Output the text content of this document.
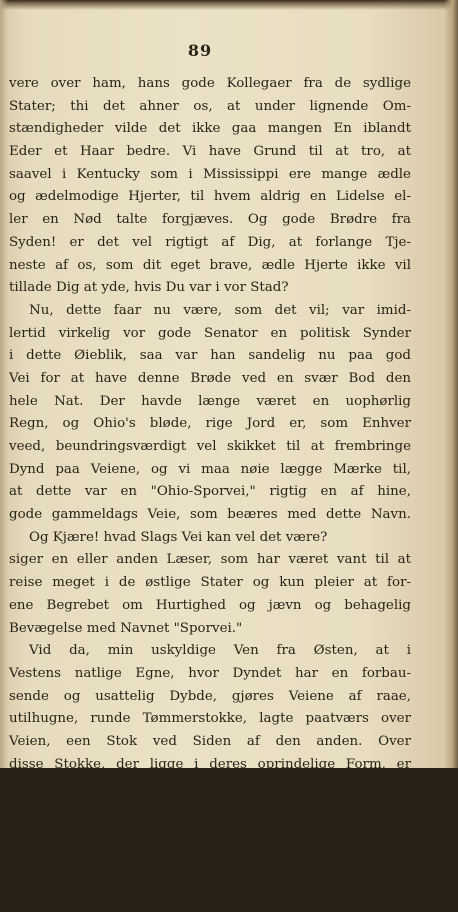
89
vere over ham, hans gode Kollegaer fra de sydlige
Stater; thi det ahner os, at under lignende Om-
stændigheder vilde det ikke gaa mangen En iblandt
Eder et Haar bedre. Vi have Grund til at tro, at
saavel i Kentucky som i Mississippi ere mange ædle
og ædelmodige Hjerter, til hvem aldrig en Lidelse el-
ler en Nød talte forgjæves. Og gode Brødre fra
Syden! er det vel rigtigt af Dig, at forlange Tje-
neste af os, som dit eget brave, ædle Hjerte ikke vil
tillade Dig at yde, hvis Du var i vor Stad?
Nu, dette faar nu være, som det vil; var imid-
lertid virkelig vor gode Senator en politisk Synder
i dette Øieblik, saa var han sandelig nu paa god
Vei for at have denne Brøde ved en svær Bod den
hele Nat. Der havde længe været en uophørlig
Regn, og Ohio's bløde, rige Jord er, som Enhver
veed, beundringsværdigt vel skikket til at frembringe
Dynd paa Veiene, og vi maa nøie lægge Mærke til,
at dette var en "Ohio-Sporvei," rigtig en af hine,
gode gammeldags Veie, som beæres med dette Navn.
Og Kjære! hvad Slags Vei kan vel det være?
siger en eller anden Læser, som har været vant til at
reise meget i de østlige Stater og kun pleier at for-
ene Begrebet om Hurtighed og jævn og behagelig
Bevægelse med Navnet "Sporvei."
Vid da, min uskyldige Ven fra Østen, at i
Vestens natlige Egne, hvor Dyndet har en forbau-
sende og usattelig Dybde, gjøres Veiene af raae,
utilhugne, runde Tømmerstokke, lagte paatværs over
Veien, een Stok ved Siden af den anden. Over
disse Stokke, der ligge i deres oprindelige Form, er
lagt et Lag af Muld, eller ellers hvadsomhelst først
er forhaanden, og dette kalde Folk paa den Kant
nok saa kjækt en Vei, ja forsøge endog at kjøre den.
Det hender ofte, at Regnen skyller al Tørv og Grus
bort og Stokkene blive da siddende, een hid, een did,
i de meest maleriske Stillinger, op og ned, paakryds
